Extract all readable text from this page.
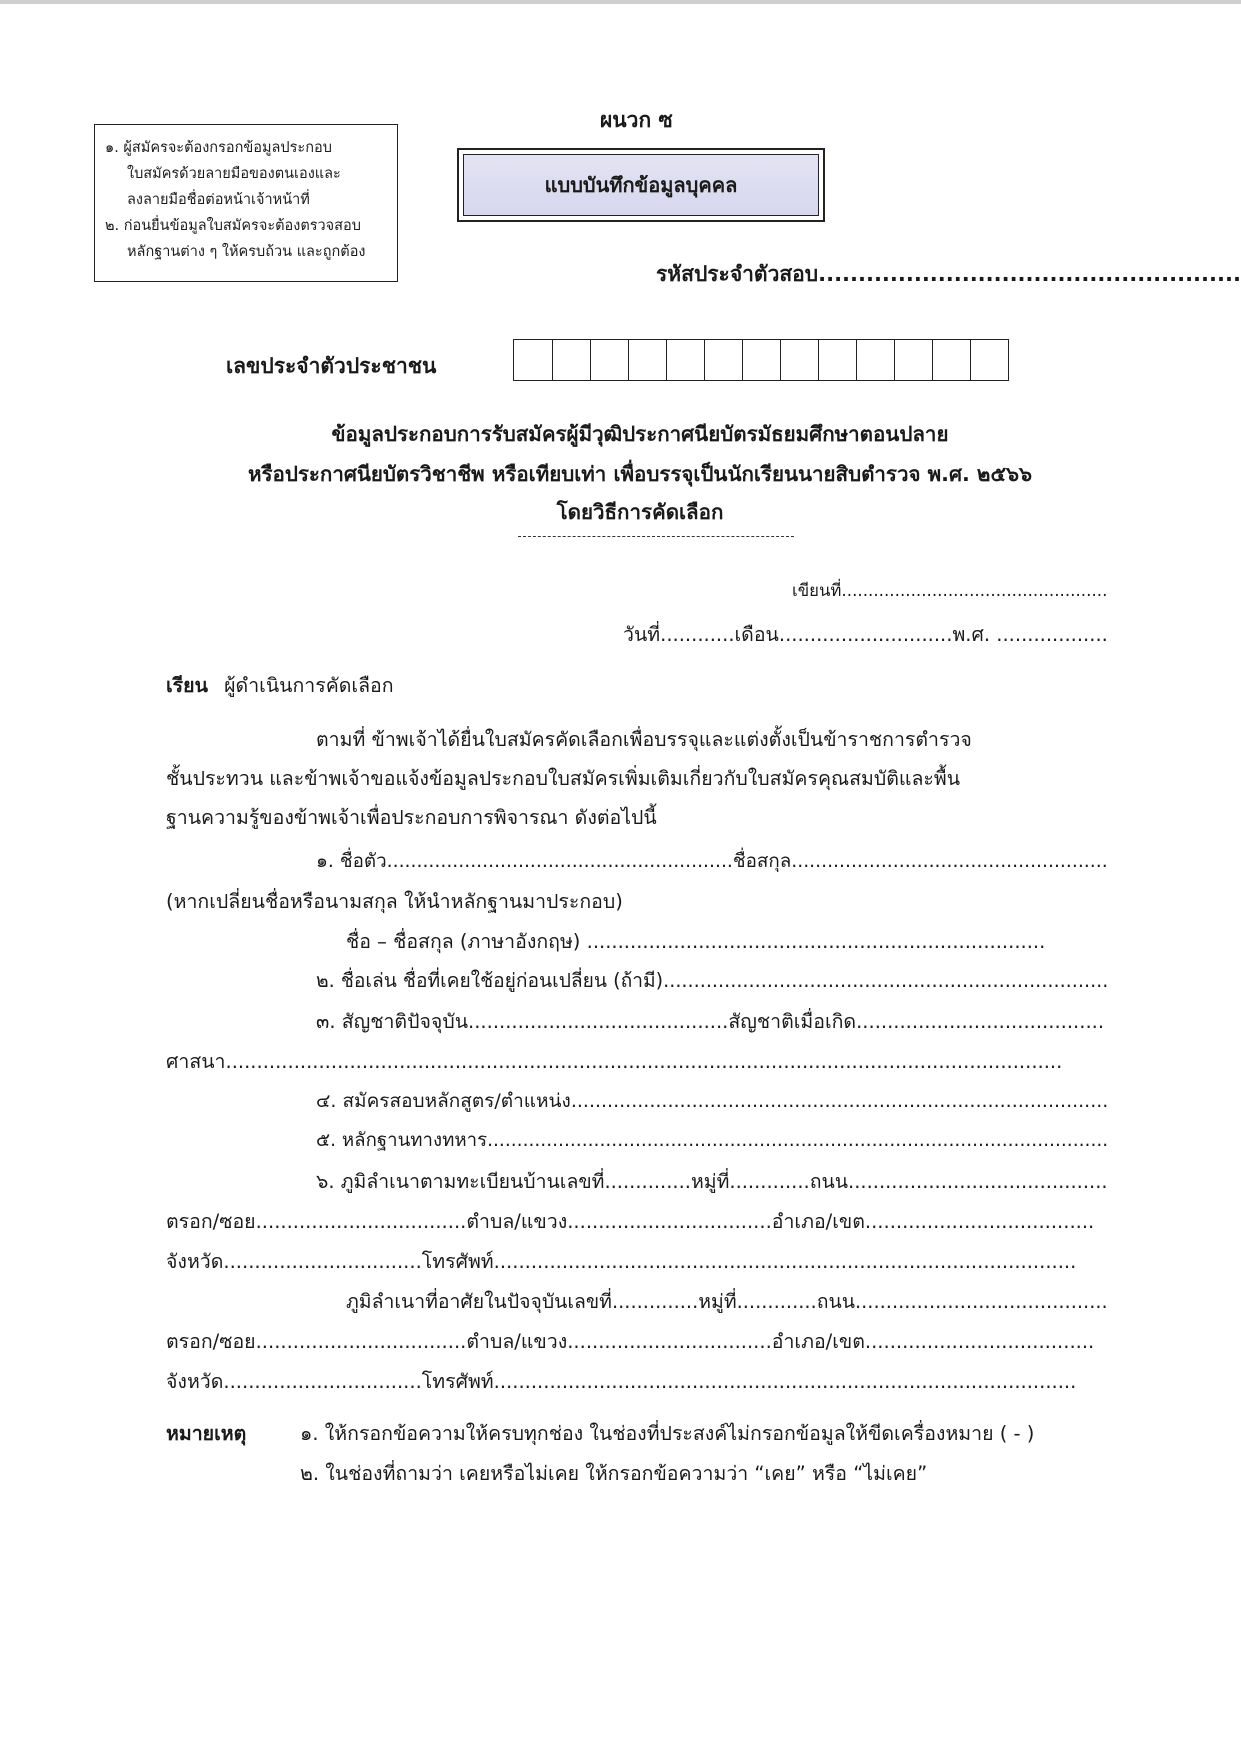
๑. ผู้สมัครจะต้องกรอกข้อมูลประกอบ
ใบสมัครด้วยลายมือของตนเองและ
ลงลายมือชื่อต่อหน้าเจ้าหน้าที่
๒. ก่อนยื่นข้อมูลใบสมัครจะต้องตรวจสอบ
หลักฐานต่าง ๆ ให้ครบถ้วน และถูกต้อง
ผนวก ซ
แบบบันทึกข้อมูลบุคคล
รหัสประจำตัวสอบ.....................................................
เลขประจำตัวประชาชน
ข้อมูลประกอบการรับสมัครผู้มีวุฒิประกาศนียบัตรมัธยมศึกษาตอนปลาย
หรือประกาศนียบัตรวิชาชีพ หรือเทียบเท่า เพื่อบรรจุเป็นนักเรียนนายสิบตำรวจ พ.ศ. ๒๕๖๖
โดยวิธีการคัดเลือก
เขียนที่..................................................
วันที่............เดือน............................พ.ศ. ..................
เรียน ผู้ดำเนินการคัดเลือก
ตามที่ ข้าพเจ้าได้ยื่นใบสมัครคัดเลือกเพื่อบรรจุและแต่งตั้งเป็นข้าราชการตำรวจ
ชั้นประทวน และข้าพเจ้าขอแจ้งข้อมูลประกอบใบสมัครเพิ่มเติมเกี่ยวกับใบสมัครคุณสมบัติและพื้น
ฐานความรู้ของข้าพเจ้าเพื่อประกอบการพิจารณา ดังต่อไปนี้
๑. ชื่อตัว..........................................................ชื่อสกุล.....................................................
(หากเปลี่ยนชื่อหรือนามสกุล ให้นำหลักฐานมาประกอบ)
ชื่อ – ชื่อสกุล (ภาษาอังกฤษ) ..........................................................................
๒. ชื่อเล่น ชื่อที่เคยใช้อยู่ก่อนเปลี่ยน (ถ้ามี).........................................................................
๓. สัญชาติปัจจุบัน..........................................สัญชาติเมื่อเกิด........................................
ศาสนา.......................................................................................................................................
๔. สมัครสอบหลักสูตร/ตำแหน่ง.........................................................................................
๕. หลักฐานทางทหาร.........................................................................................................
๖. ภูมิลำเนาตามทะเบียนบ้านเลขที่..............หมู่ที่.............ถนน..........................................
ตรอก/ซอย..................................ตำบล/แขวง.................................อำเภอ/เขต.....................................
จังหวัด................................โทรศัพท์..............................................................................................
ภูมิลำเนาที่อาศัยในปัจจุบันเลขที่..............หมู่ที่.............ถนน.........................................
ตรอก/ซอย..................................ตำบล/แขวง.................................อำเภอ/เขต.....................................
จังหวัด................................โทรศัพท์..............................................................................................
หมายเหตุ	๑. ให้กรอกข้อความให้ครบทุกช่อง ในช่องที่ประสงค์ไม่กรอกข้อมูลให้ขีดเครื่องหมาย ( - )
๒. ในช่องที่ถามว่า เคยหรือไม่เคย ให้กรอกข้อความว่า “เคย” หรือ “ไม่เคย”
